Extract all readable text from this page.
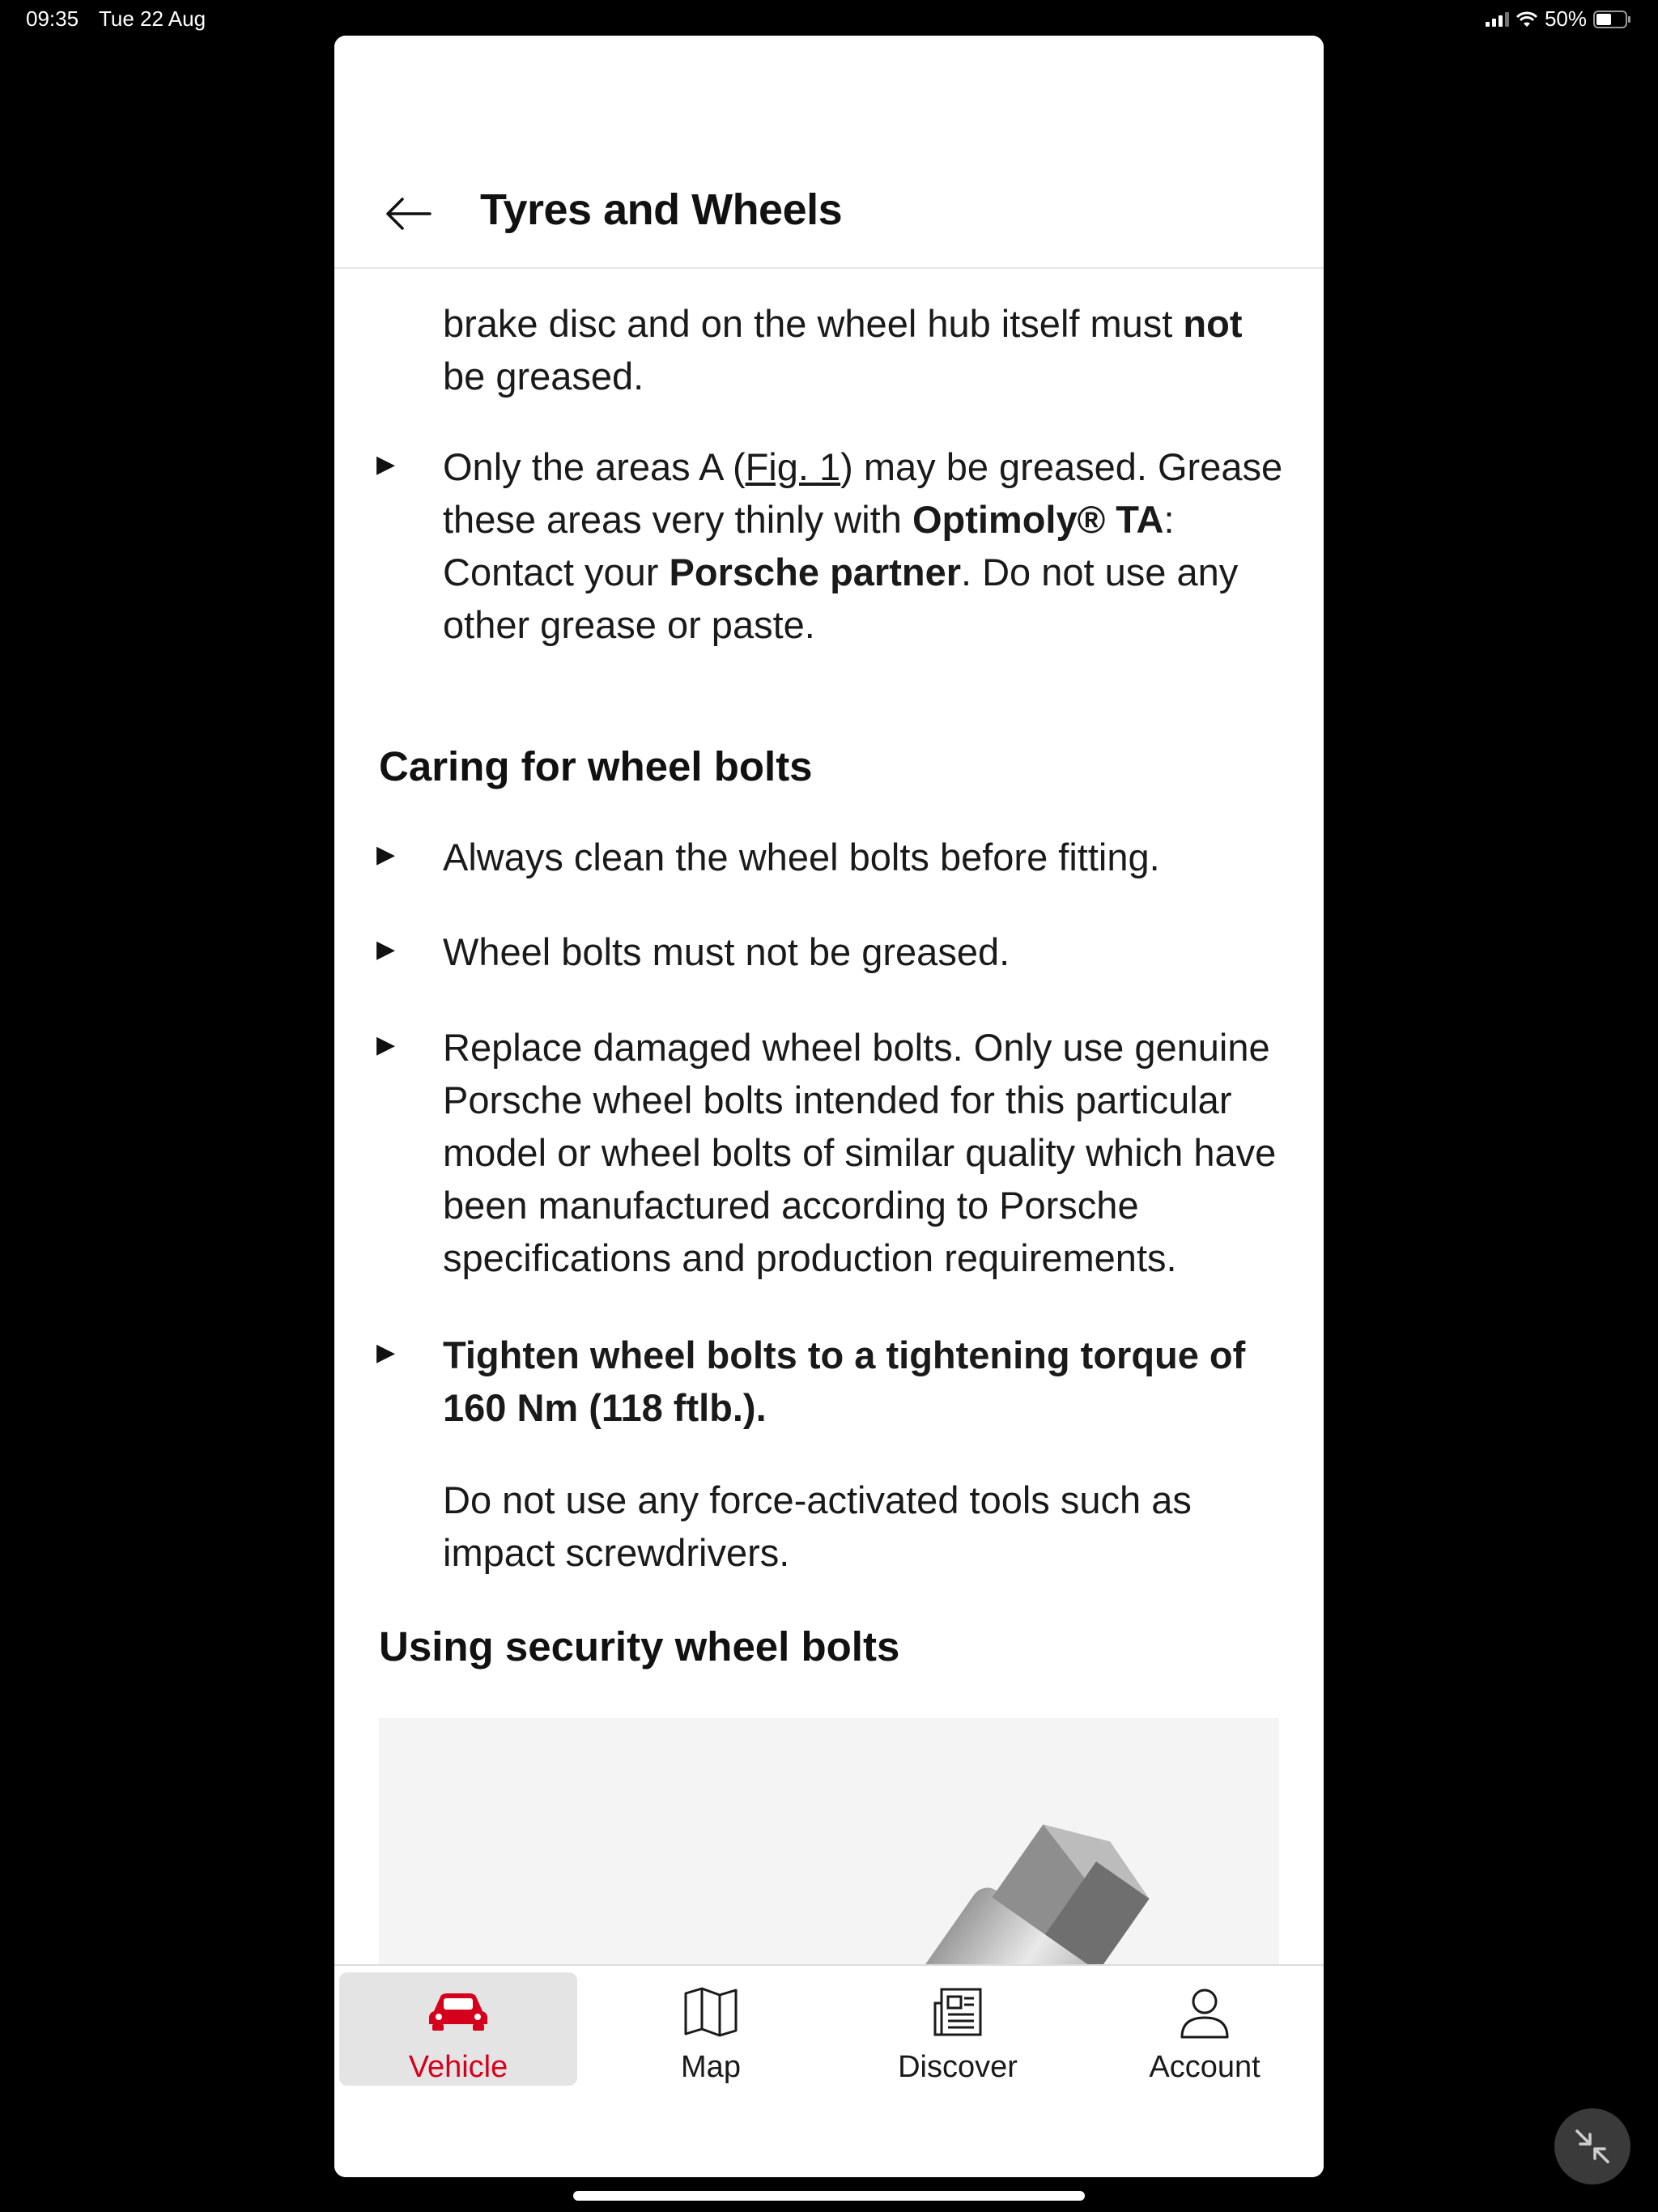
09:35 Tue 22 Aug	50%
Tyres and Wheels
brake disc and on the wheel hub itself must not
be greased.
▶ Only the areas A (Fig. 1) may be greased. Grease these areas very thinly with Optimoly® TA: Contact your Porsche partner. Do not use any other grease or paste.
Caring for wheel bolts
▶ Always clean the wheel bolts before fitting.
▶ Wheel bolts must not be greased.
▶ Replace damaged wheel bolts. Only use genuine Porsche wheel bolts intended for this particular model or wheel bolts of similar quality which have been manufactured according to Porsche specifications and production requirements.
▶ Tighten wheel bolts to a tightening torque of 160 Nm (118 ftlb.).
Do not use any force-activated tools such as impact screwdrivers.
Using security wheel bolts
Vehicle	Map	Discover	Account
